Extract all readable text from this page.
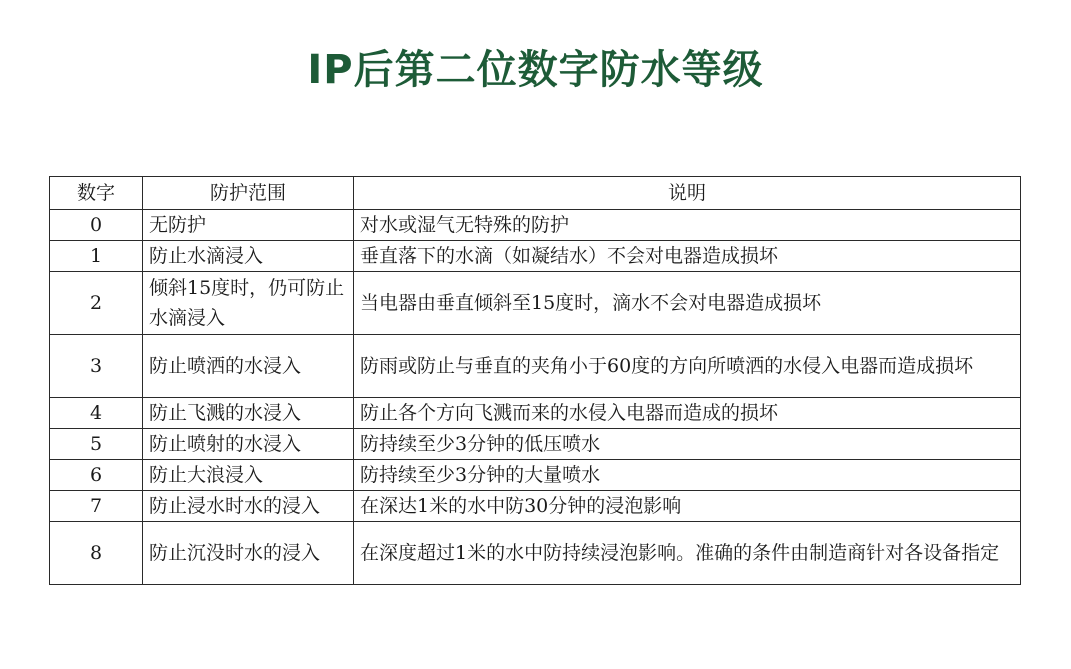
IP后第二位数字防水等级
数字	防护范围	说明
0	无防护	对水或湿气无特殊的防护
1	防止水滴浸入	垂直落下的水滴（如凝结水）不会对电器造成损坏
2	倾斜15度时，仍可防止水滴浸入	当电器由垂直倾斜至15度时，滴水不会对电器造成损坏
3	防止喷洒的水浸入	防雨或防止与垂直的夹角小于60度的方向所喷洒的水侵入电器而造成损坏
4	防止飞溅的水浸入	防止各个方向飞溅而来的水侵入电器而造成的损坏
5	防止喷射的水浸入	防持续至少3分钟的低压喷水
6	防止大浪浸入	防持续至少3分钟的大量喷水
7	防止浸水时水的浸入	在深达1米的水中防30分钟的浸泡影响
8	防止沉没时水的浸入	在深度超过1米的水中防持续浸泡影响。准确的条件由制造商针对各设备指定
